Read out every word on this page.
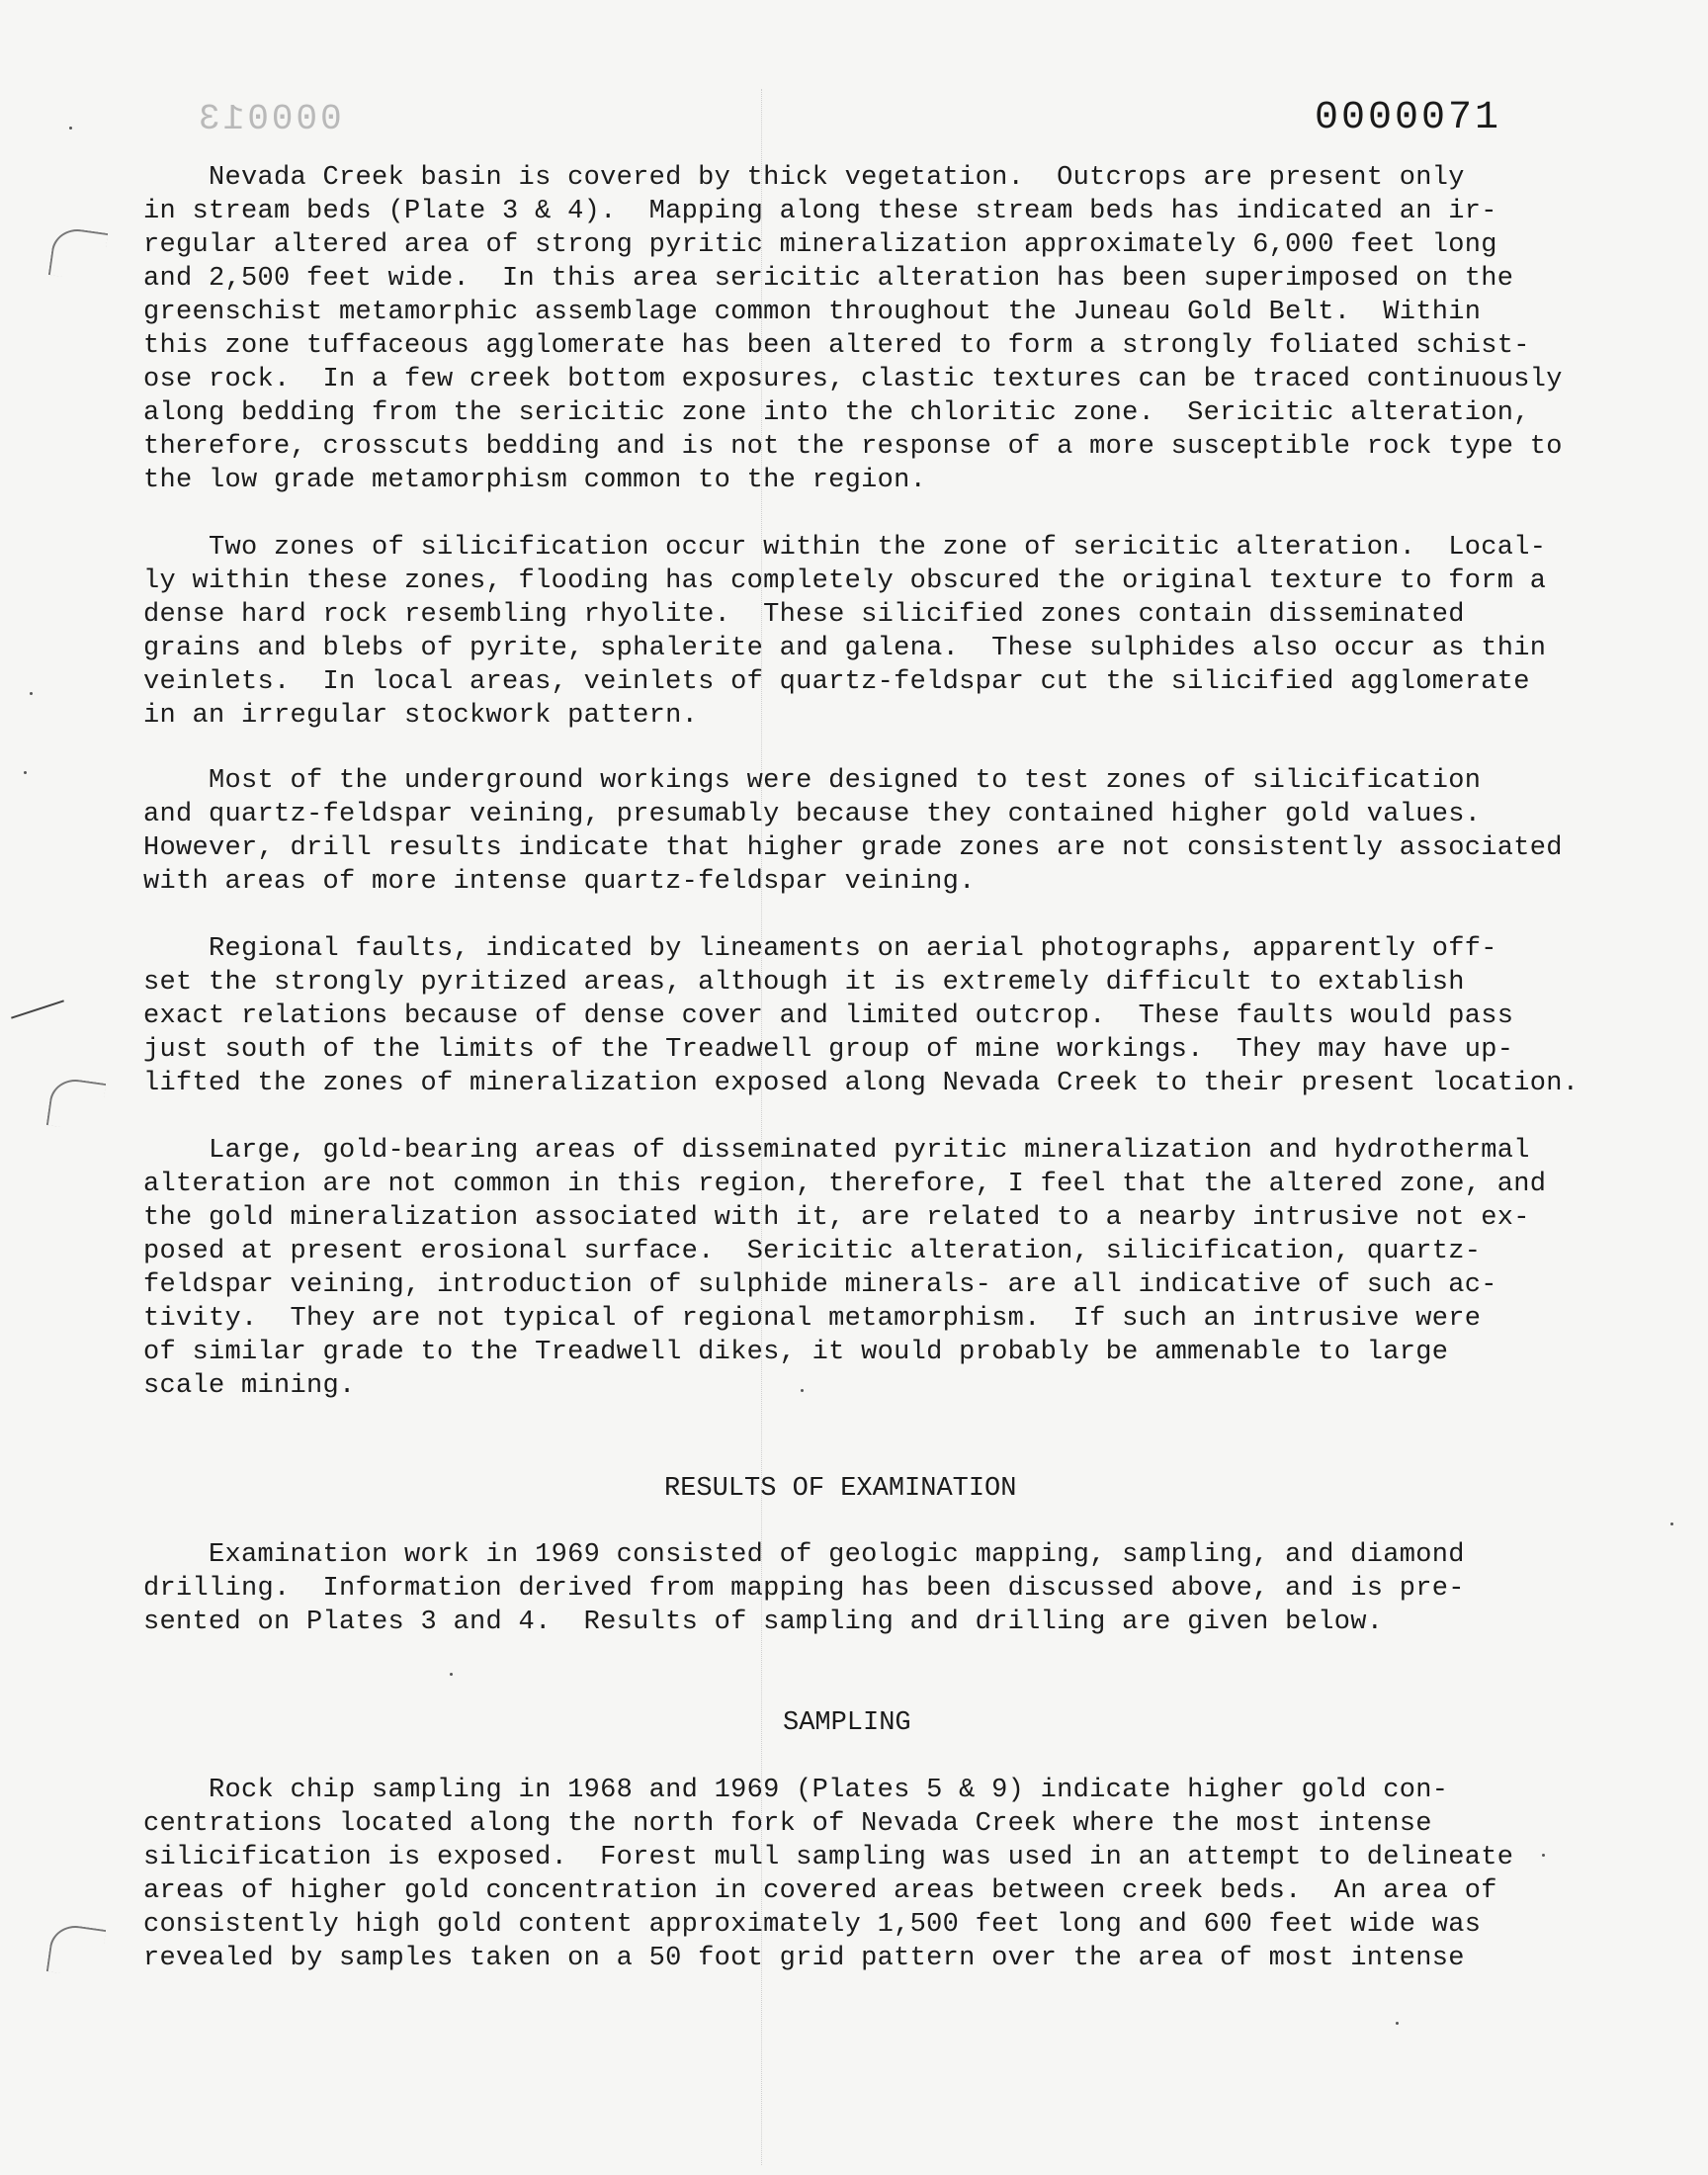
000013	0000071

Nevada Creek basin is covered by thick vegetation.  Outcrops are present only
in stream beds (Plate 3 & 4).  Mapping along these stream beds has indicated an ir-
regular altered area of strong pyritic mineralization approximately 6,000 feet long
and 2,500 feet wide.  In this area sericitic alteration has been superimposed on the
greenschist metamorphic assemblage common throughout the Juneau Gold Belt.  Within
this zone tuffaceous agglomerate has been altered to form a strongly foliated schist-
ose rock.  In a few creek bottom exposures, clastic textures can be traced continuously
along bedding from the sericitic zone into the chloritic zone.  Sericitic alteration,
therefore, crosscuts bedding and is not the response of a more susceptible rock type to
the low grade metamorphism common to the region.

Two zones of silicification occur within the zone of sericitic alteration.  Local-
ly within these zones, flooding has completely obscured the original texture to form a
dense hard rock resembling rhyolite.  These silicified zones contain disseminated
grains and blebs of pyrite, sphalerite and galena.  These sulphides also occur as thin
veinlets.  In local areas, veinlets of quartz-feldspar cut the silicified agglomerate
in an irregular stockwork pattern.

Most of the underground workings were designed to test zones of silicification
and quartz-feldspar veining, presumably because they contained higher gold values.
However, drill results indicate that higher grade zones are not consistently associated
with areas of more intense quartz-feldspar veining.

Regional faults, indicated by lineaments on aerial photographs, apparently off-
set the strongly pyritized areas, although it is extremely difficult to extablish
exact relations because of dense cover and limited outcrop.  These faults would pass
just south of the limits of the Treadwell group of mine workings.  They may have up-
lifted the zones of mineralization exposed along Nevada Creek to their present location.

Large, gold-bearing areas of disseminated pyritic mineralization and hydrothermal
alteration are not common in this region, therefore, I feel that the altered zone, and
the gold mineralization associated with it, are related to a nearby intrusive not ex-
posed at present erosional surface.  Sericitic alteration, silicification, quartz-
feldspar veining, introduction of sulphide minerals- are all indicative of such ac-
tivity.  They are not typical of regional metamorphism.  If such an intrusive were
of similar grade to the Treadwell dikes, it would probably be ammenable to large
scale mining.

RESULTS OF EXAMINATION

Examination work in 1969 consisted of geologic mapping, sampling, and diamond
drilling.  Information derived from mapping has been discussed above, and is pre-
sented on Plates 3 and 4.  Results of sampling and drilling are given below.

SAMPLING

Rock chip sampling in 1968 and 1969 (Plates 5 & 9) indicate higher gold con-
centrations located along the north fork of Nevada Creek where the most intense
silicification is exposed.  Forest mull sampling was used in an attempt to delineate
areas of higher gold concentration in covered areas between creek beds.  An area of
consistently high gold content approximately 1,500 feet long and 600 feet wide was
revealed by samples taken on a 50 foot grid pattern over the area of most intense
